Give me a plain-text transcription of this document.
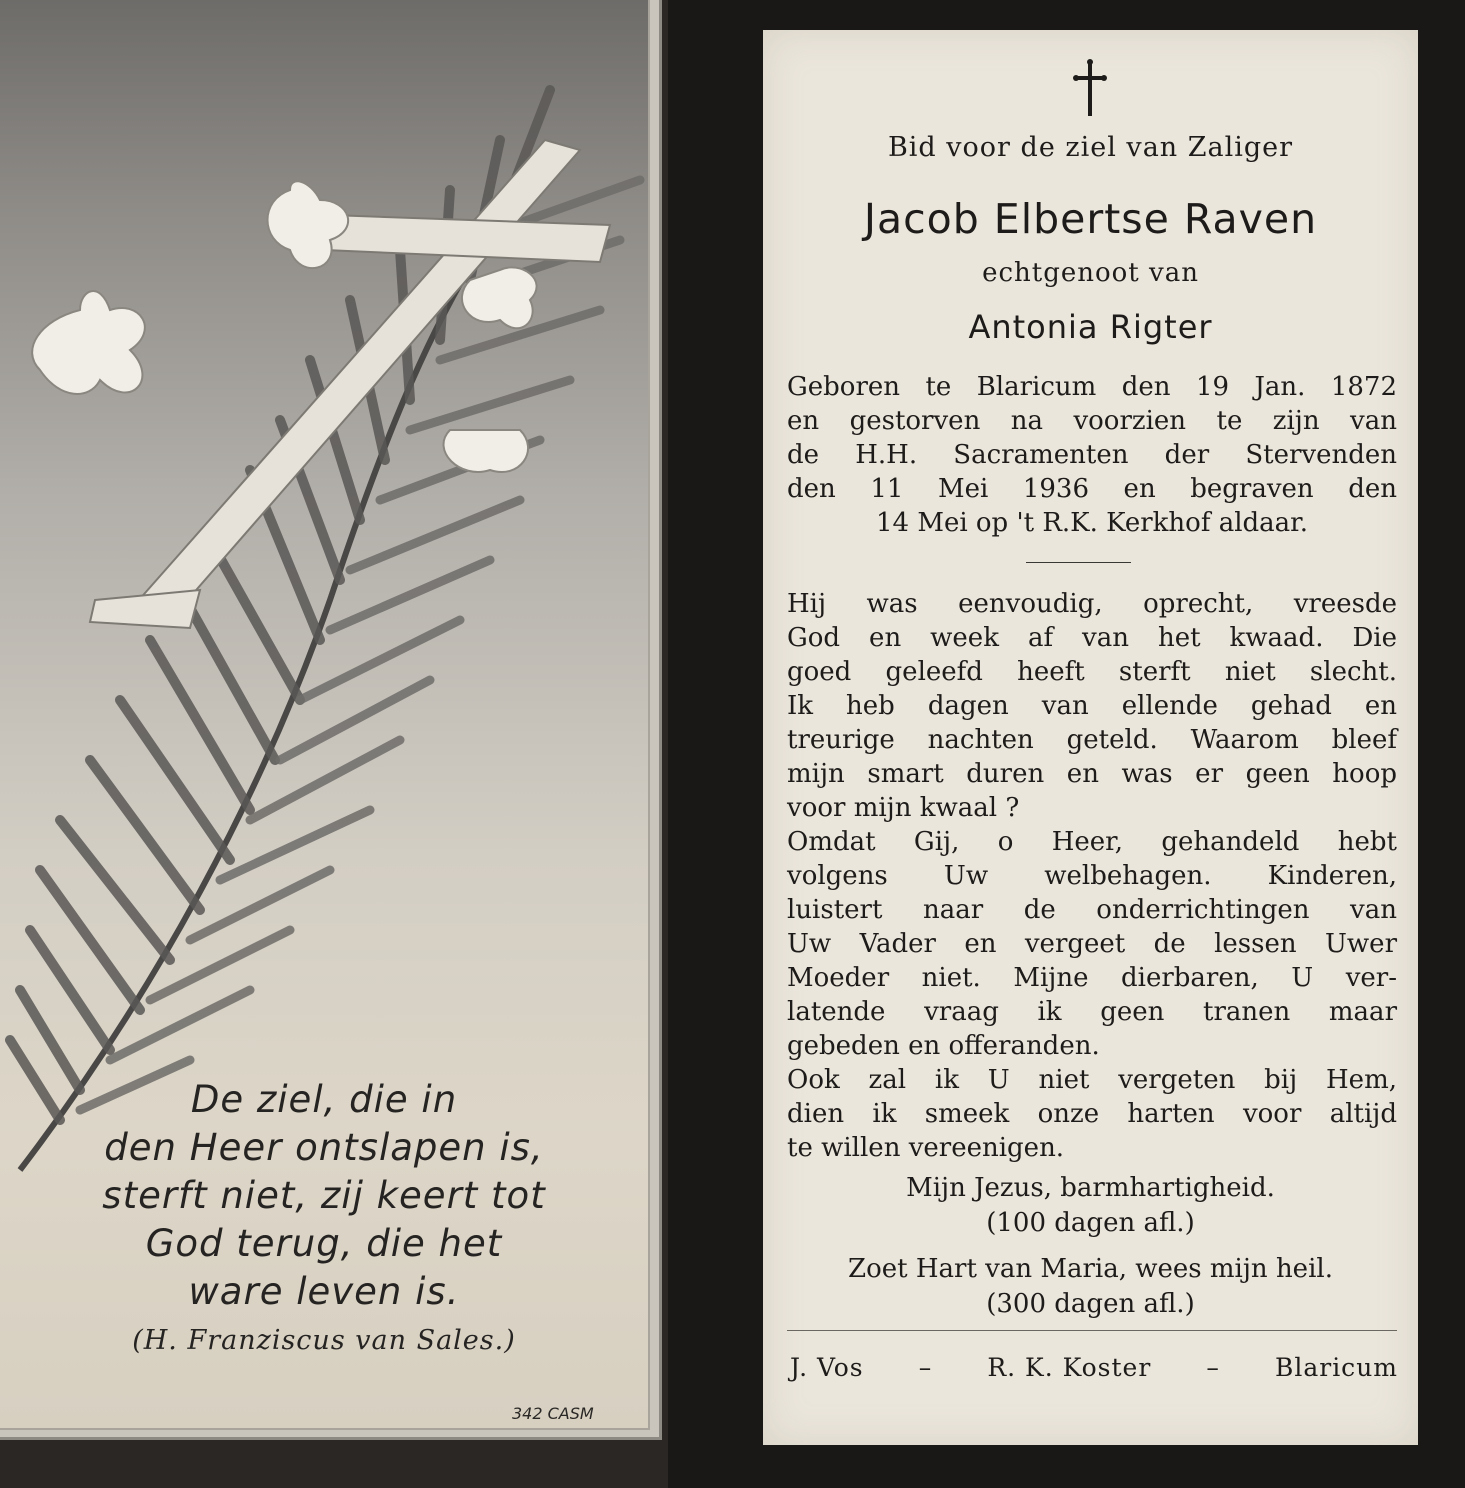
De ziel, die in
den Heer ontslapen is,
sterft niet, zij keert tot
God terug, die het
ware leven is.
(H. Franziscus van Sales.)
342 CASM
Bid voor de ziel van Zaliger
Jacob Elbertse Raven
echtgenoot van
Antonia Rigter
Geboren te Blaricum den 19 Jan. 1872
en gestorven na voorzien te zijn van
de H.H. Sacramenten der Stervenden
den 11 Mei 1936 en begraven den
14 Mei op 't R.K. Kerkhof aldaar.
Hij was eenvoudig, oprecht, vreesde
God en week af van het kwaad. Die
goed geleefd heeft sterft niet slecht.
Ik heb dagen van ellende gehad en
treurige nachten geteld. Waarom bleef
mijn smart duren en was er geen hoop
voor mijn kwaal ?
Omdat Gij, o Heer, gehandeld hebt
volgens Uw welbehagen. Kinderen,
luistert naar de onderrichtingen van
Uw Vader en vergeet de lessen Uwer
Moeder niet. Mijne dierbaren, U ver-
latende vraag ik geen tranen maar
gebeden en offeranden.
Ook zal ik U niet vergeten bij Hem,
dien ik smeek onze harten voor altijd
te willen vereenigen.
Mijn Jezus, barmhartigheid.
(100 dagen afl.)
Zoet Hart van Maria, wees mijn heil.
(300 dagen afl.)
J. Vos – R. K. Koster – Blaricum
